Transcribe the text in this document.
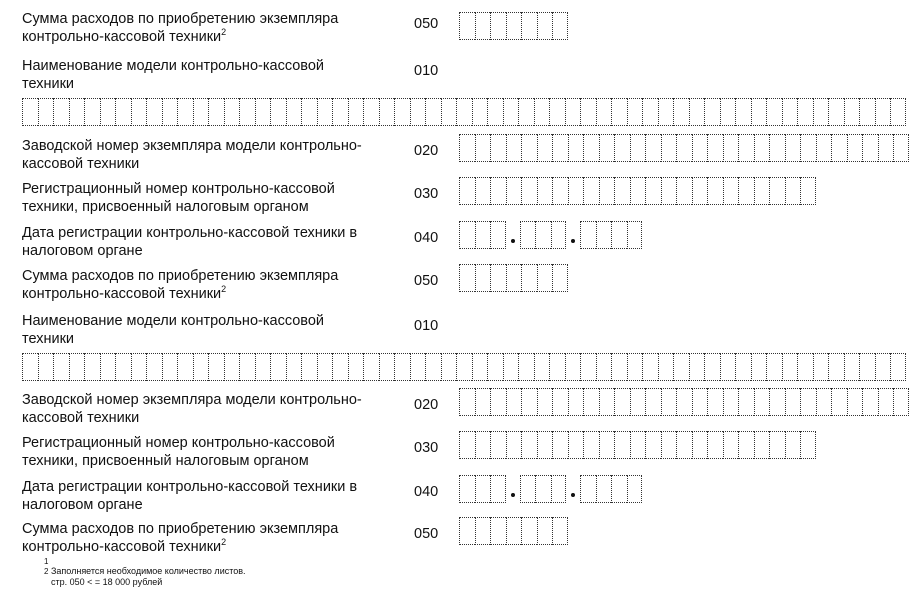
Сумма расходов по приобретению экземпляра
контрольно-кассовой техники$^2$	050
Наименование модели контрольно-кассовой
техники
010
Заводской номер экземпляра модели контрольно-
кассовой техники
020
Регистрационный номер контрольно-кассовой
техники, присвоенный налоговым органом
030
Дата регистрации контрольно-кассовой техники в
налоговом органе
040
Сумма расходов по приобретению экземпляра
контрольно-кассовой техники$^2$	050
Наименование модели контрольно-кассовой
техники
010
Заводской номер экземпляра модели контрольно-
кассовой техники
020
Регистрационный номер контрольно-кассовой
техники, присвоенный налоговым органом
030
Дата регистрации контрольно-кассовой техники в
налоговом органе
040
Сумма расходов по приобретению экземпляра
контрольно-кассовой техники$^2$	050
1
2 Заполняется необходимое количество листов.
стр. 050 < = 18 000 рублей
